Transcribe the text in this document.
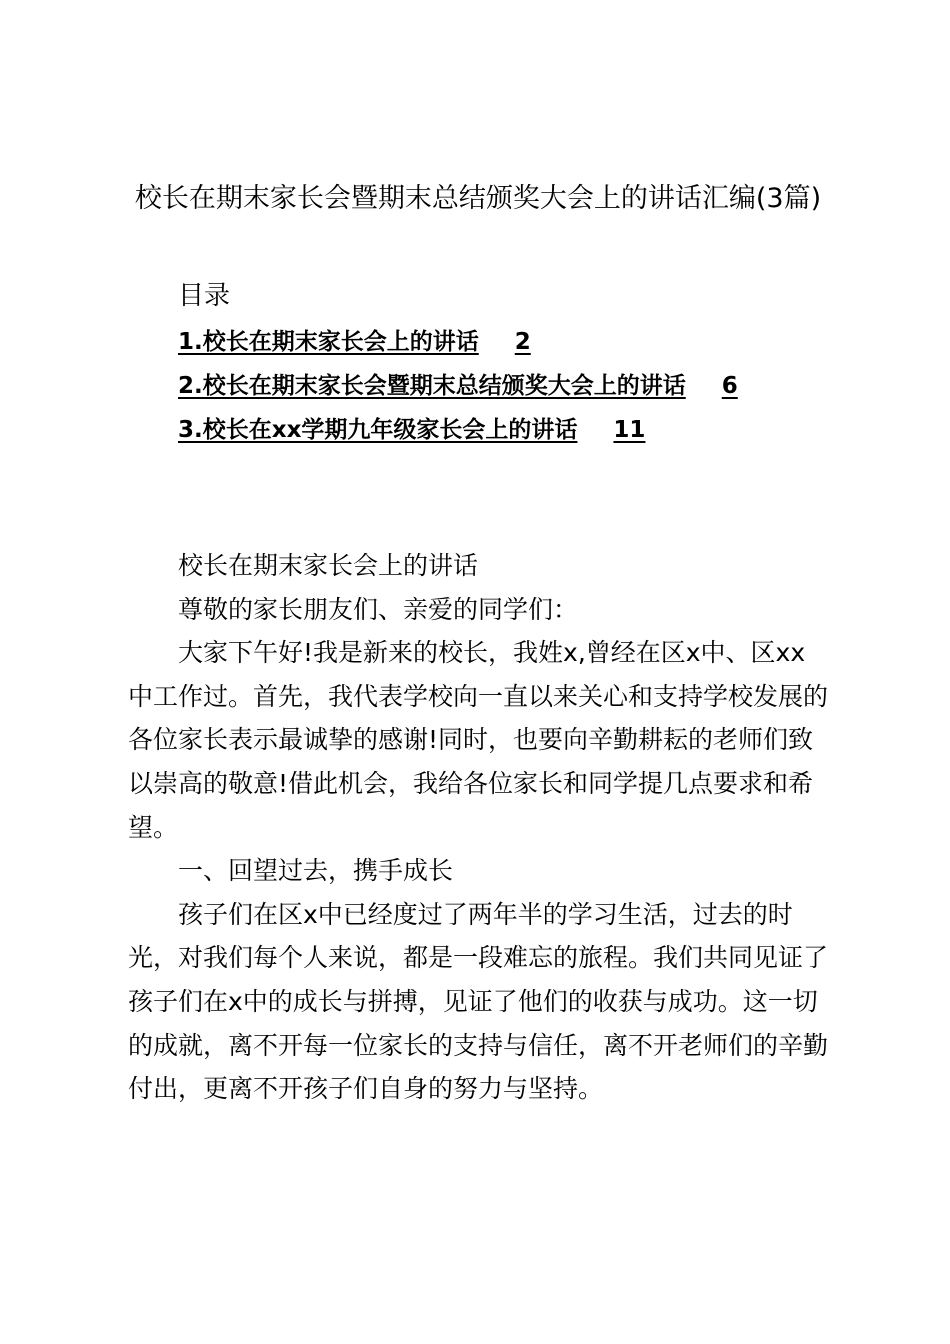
校长在期末家长会暨期末总结颁奖大会上的讲话汇编(3篇)
目录
1.校长在期末家长会上的讲话 2
2.校长在期末家长会暨期末总结颁奖大会上的讲话 6
3.校长在xx学期九年级家长会上的讲话 11

校长在期末家长会上的讲话

尊敬的家长朋友们、亲爱的同学们：

大家下午好!我是新来的校长，我姓x,曾经在区x中、区xx中工作过。首先，我代表学校向一直以来关心和支持学校发展的各位家长表示最诚挚的感谢!同时，也要向辛勤耕耘的老师们致以崇高的敬意!借此机会，我给各位家长和同学提几点要求和希望。

一、回望过去，携手成长

孩子们在区x中已经度过了两年半的学习生活，过去的时光，对我们每个人来说，都是一段难忘的旅程。我们共同见证了孩子们在x中的成长与拼搏，见证了他们的收获与成功。这一切的成就，离不开每一位家长的支持与信任，离不开老师们的辛勤付出，更离不开孩子们自身的努力与坚持。
